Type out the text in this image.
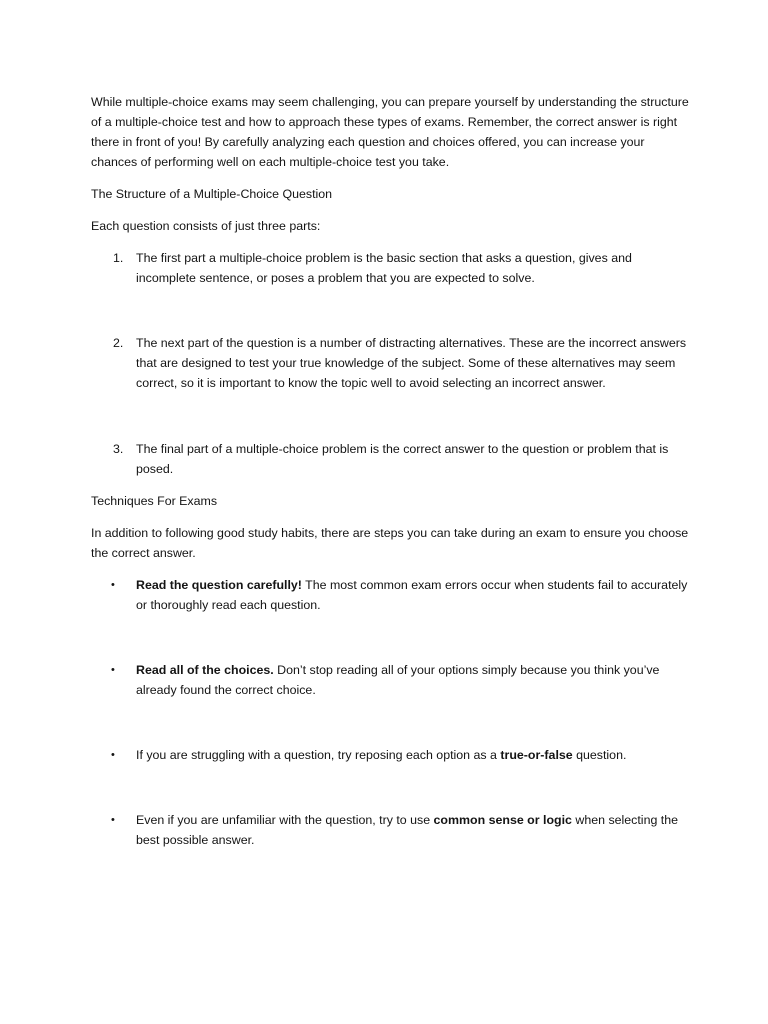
While multiple-choice exams may seem challenging, you can prepare yourself by understanding the structure of a multiple-choice test and how to approach these types of exams. Remember, the correct answer is right there in front of you! By carefully analyzing each question and choices offered, you can increase your chances of performing well on each multiple-choice test you take.

The Structure of a Multiple-Choice Question

Each question consists of just three parts:

1. The first part a multiple-choice problem is the basic section that asks a question, gives and incomplete sentence, or poses a problem that you are expected to solve.
2. The next part of the question is a number of distracting alternatives. These are the incorrect answers that are designed to test your true knowledge of the subject. Some of these alternatives may seem correct, so it is important to know the topic well to avoid selecting an incorrect answer.
3. The final part of a multiple-choice problem is the correct answer to the question or problem that is posed.

Techniques For Exams

In addition to following good study habits, there are steps you can take during an exam to ensure you choose the correct answer.

• Read the question carefully! The most common exam errors occur when students fail to accurately or thoroughly read each question.
• Read all of the choices. Don’t stop reading all of your options simply because you think you’ve already found the correct choice.
• If you are struggling with a question, try reposing each option as a true-or-false question.
• Even if you are unfamiliar with the question, try to use common sense or logic when selecting the best possible answer.
